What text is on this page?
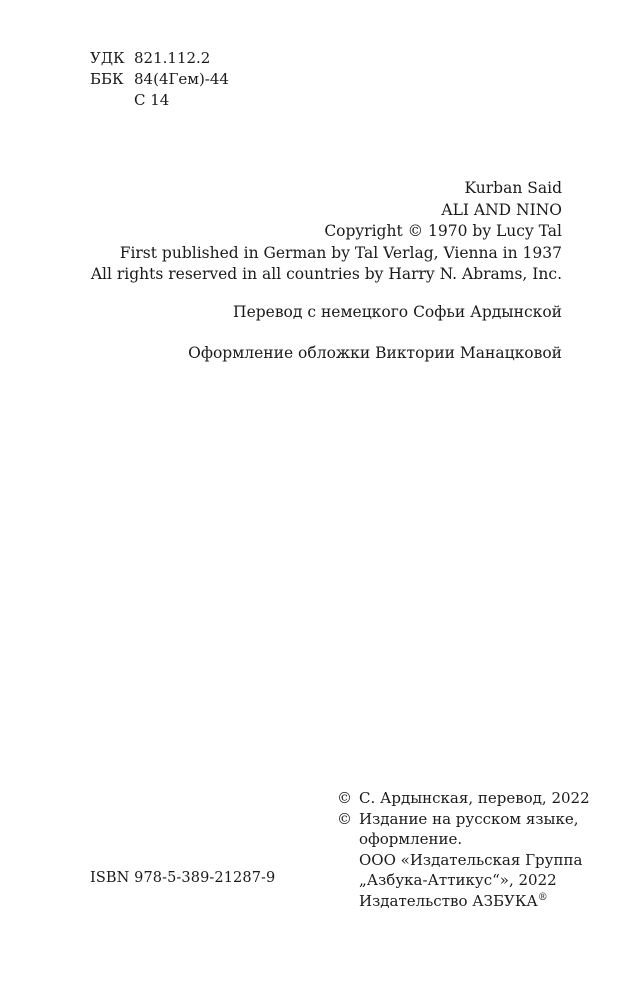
УДК 821.112.2
ББК 84(4Гем)-44
С 14
Kurban Said
ALI AND NINO
Copyright © 1970 by Lucy Tal
First published in German by Tal Verlag, Vienna in 1937
All rights reserved in all countries by Harry N. Abrams, Inc.
Перевод с немецкого Софьи Ардынской
Оформление обложки Виктории Манацковой
© С. Ардынская, перевод, 2022
© Издание на русском языке,
оформление.
ООО «Издательская Группа
„Азбука-Аттикус“», 2022
Издательство АЗБУКА®
ISBN 978-5-389-21287-9
